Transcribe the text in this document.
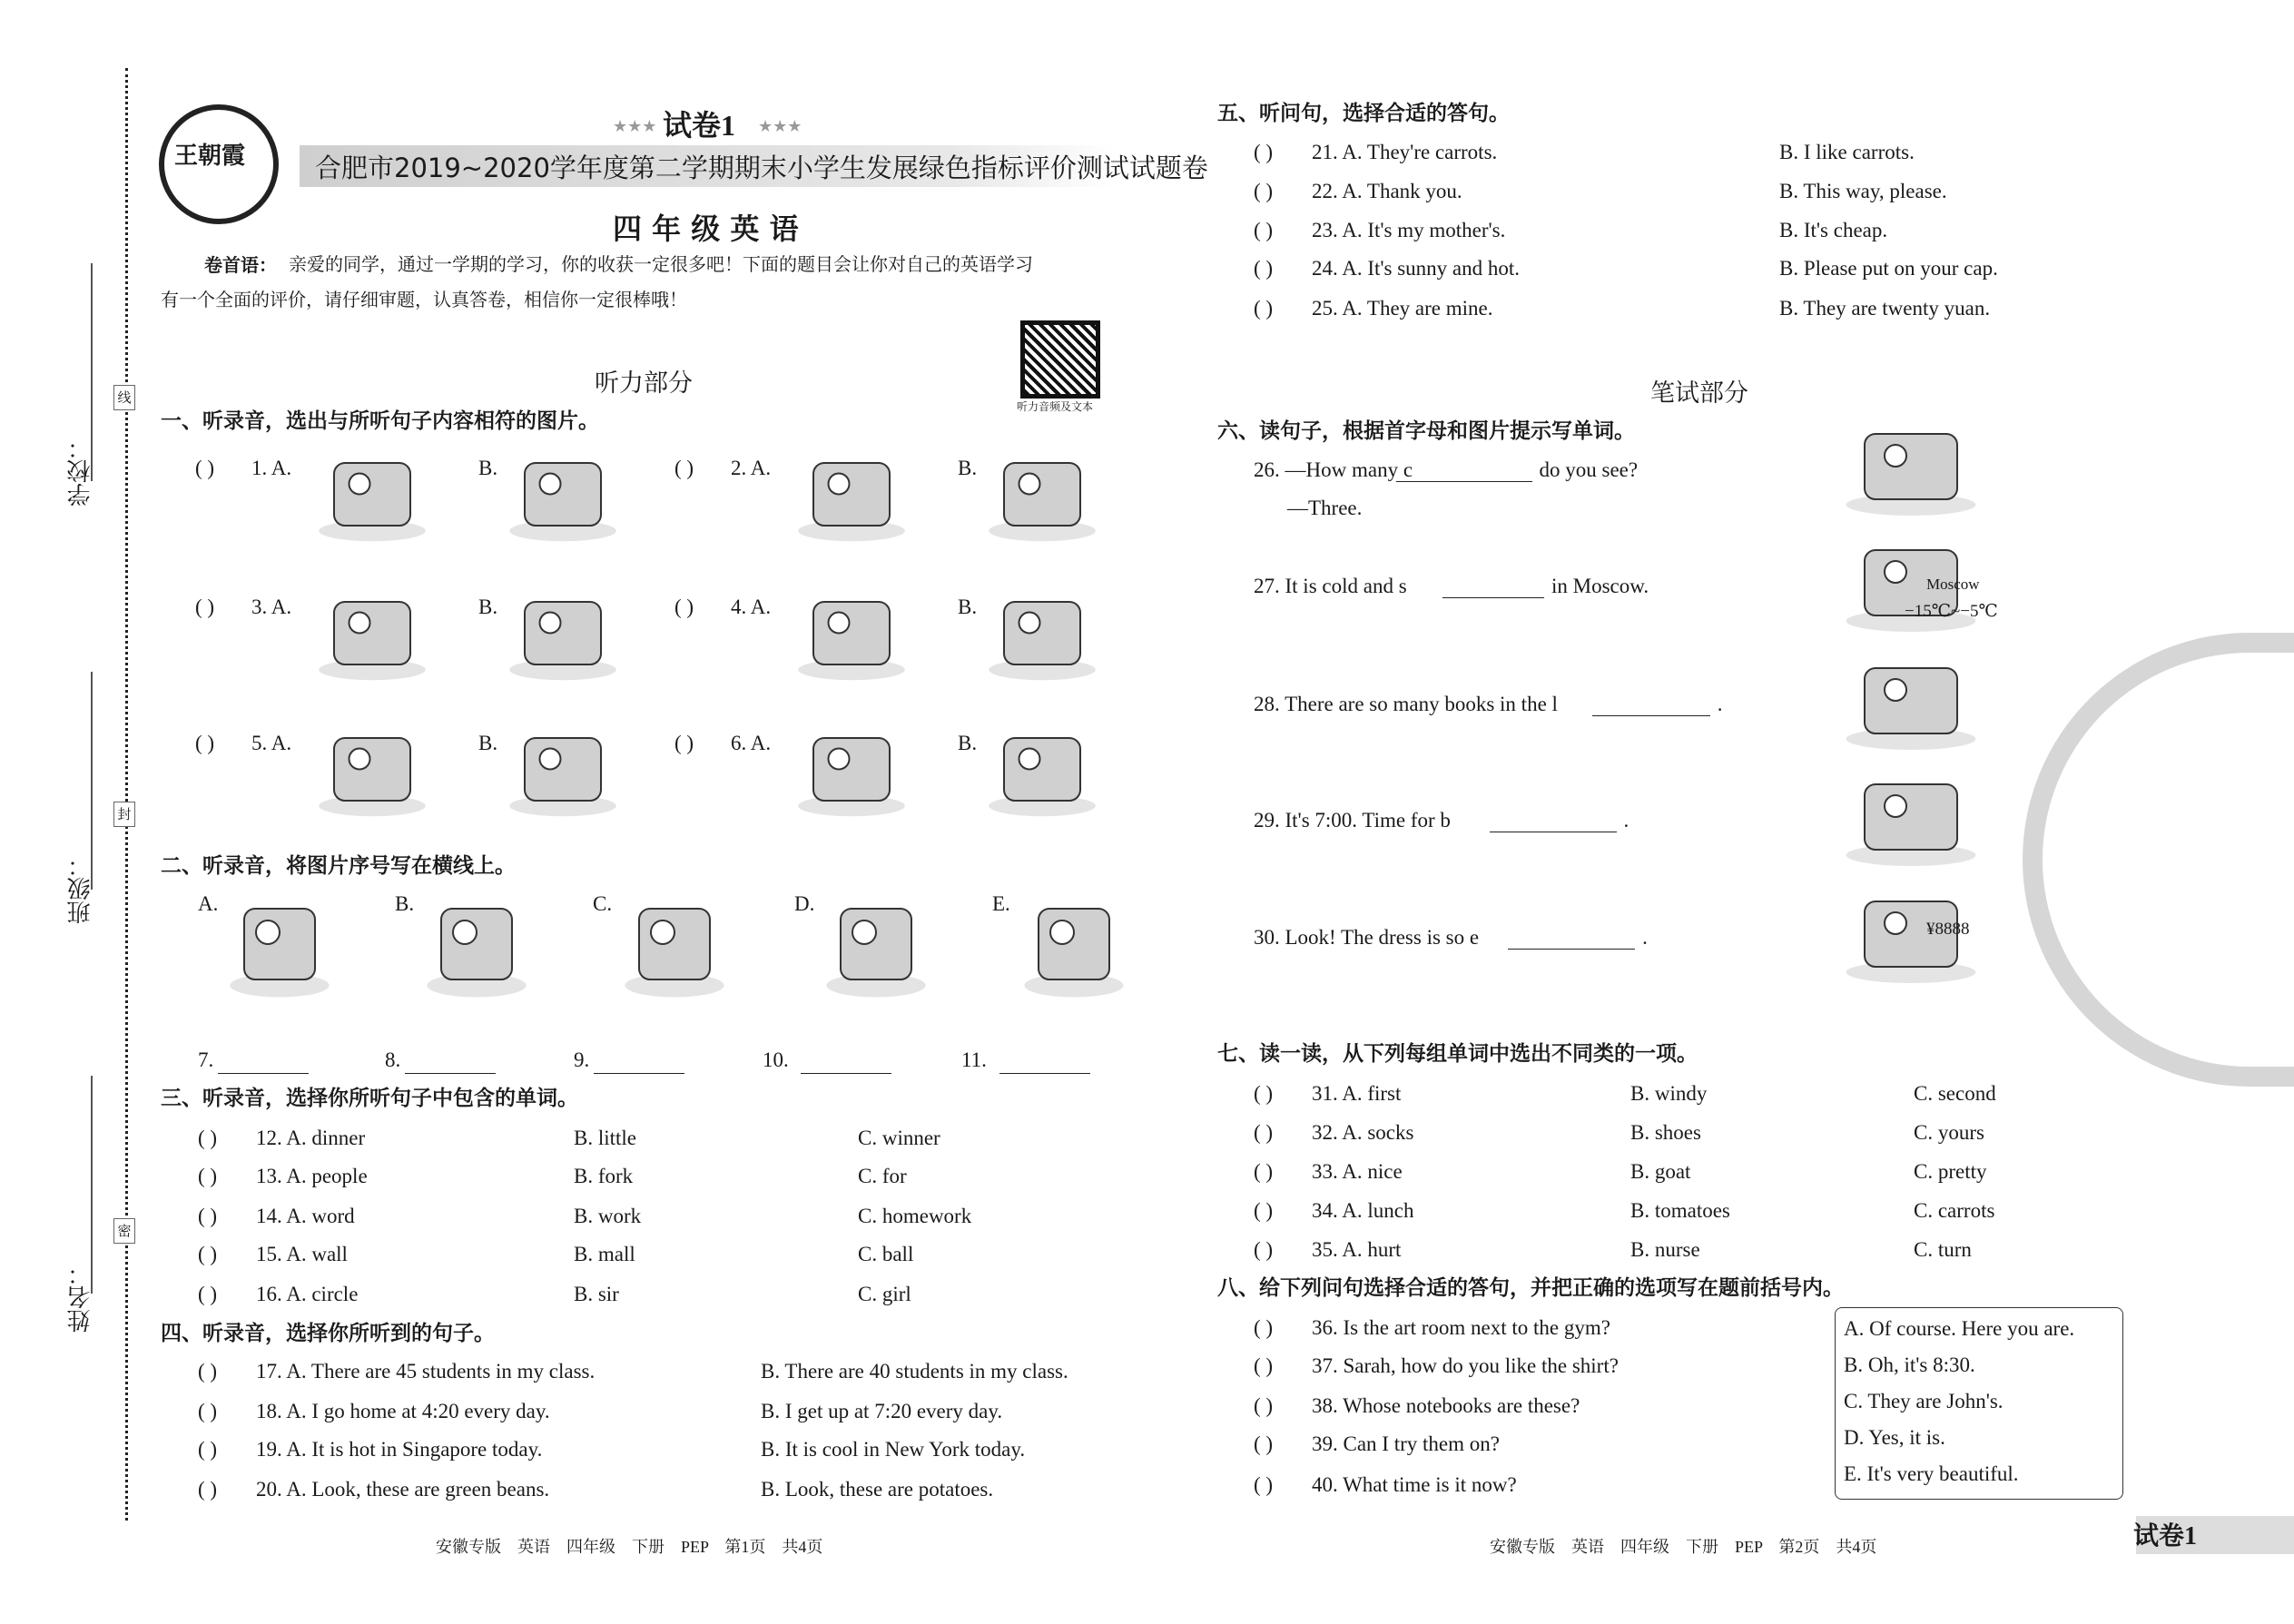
学校：
班级：
姓名：
线
封
密
★★★ 试卷1 ★★★
王朝霞	合肥市2019~2020学年度第二学期期末小学生发展绿色指标评价测试试题卷
四 年 级 英 语
卷首语： 亲爱的同学，通过一学期的学习，你的收获一定很多吧！下面的题目会让你对自己的英语学习
有一个全面的评价，请仔细审题，认真答卷，相信你一定很棒哦！
听力音频及文本
听力部分
一、听录音，选出与所听句子内容相符的图片。
( ) 1. A.	B.	( ) 2. A.	B.
( ) 3. A.	B.	( ) 4. A.	B.
( ) 5. A.	B.	( ) 6. A.	B.
二、听录音，将图片序号写在横线上。
A.	B.	C.	D.	E.
7.	8.	9.	10.	11.
三、听录音，选择你所听句子中包含的单词。
( ) 12. A. dinner	B. little	C. winner
( ) 13. A. people	B. fork	C. for
( ) 14. A. word	B. work	C. homework
( ) 15. A. wall	B. mall	C. ball
( ) 16. A. circle	B. sir	C. girl
四、听录音，选择你所听到的句子。
( ) 17. A. There are 45 students in my class.	B. There are 40 students in my class.
( ) 18. A. I go home at 4:20 every day.	B. I get up at 7:20 every day.
( ) 19. A. It is hot in Singapore today.	B. It is cool in New York today.
( ) 20. A. Look, these are green beans.	B. Look, these are potatoes.
安徽专版　英语　四年级　下册　PEP　第1页　共4页
五、听问句，选择合适的答句。
( ) 21. A. They're carrots.	B. I like carrots.
( ) 22. A. Thank you.	B. This way, please.
( ) 23. A. It's my mother's.	B. It's cheap.
( ) 24. A. It's sunny and hot.	B. Please put on your cap.
( ) 25. A. They are mine.	B. They are twenty yuan.
笔试部分
六、读句子，根据首字母和图片提示写单词。
26. —How many c	do you see?
27. It is cold and s	in Moscow.
28. There are so many books in the l	.
29. It's 7:00. Time for b	.
30. Look! The dress is so e	.
—Three.
Moscow
−15℃~−5℃
¥8888
七、读一读，从下列每组单词中选出不同类的一项。
( ) 31. A. first	B. windy	C. second
( ) 32. A. socks	B. shoes	C. yours
( ) 33. A. nice	B. goat	C. pretty
( ) 34. A. lunch	B. tomatoes	C. carrots
( ) 35. A. hurt	B. nurse	C. turn
八、给下列问句选择合适的答句，并把正确的选项写在题前括号内。
( ) 36. Is the art room next to the gym?
( ) 37. Sarah, how do you like the shirt?
( ) 38. Whose notebooks are these?
( ) 39. Can I try them on?
( ) 40. What time is it now?
A. Of course. Here you are.
B. Oh, it's 8:30.
C. They are John's.
D. Yes, it is.
E. It's very beautiful.
安徽专版　英语　四年级　下册　PEP　第2页　共4页	试卷1
